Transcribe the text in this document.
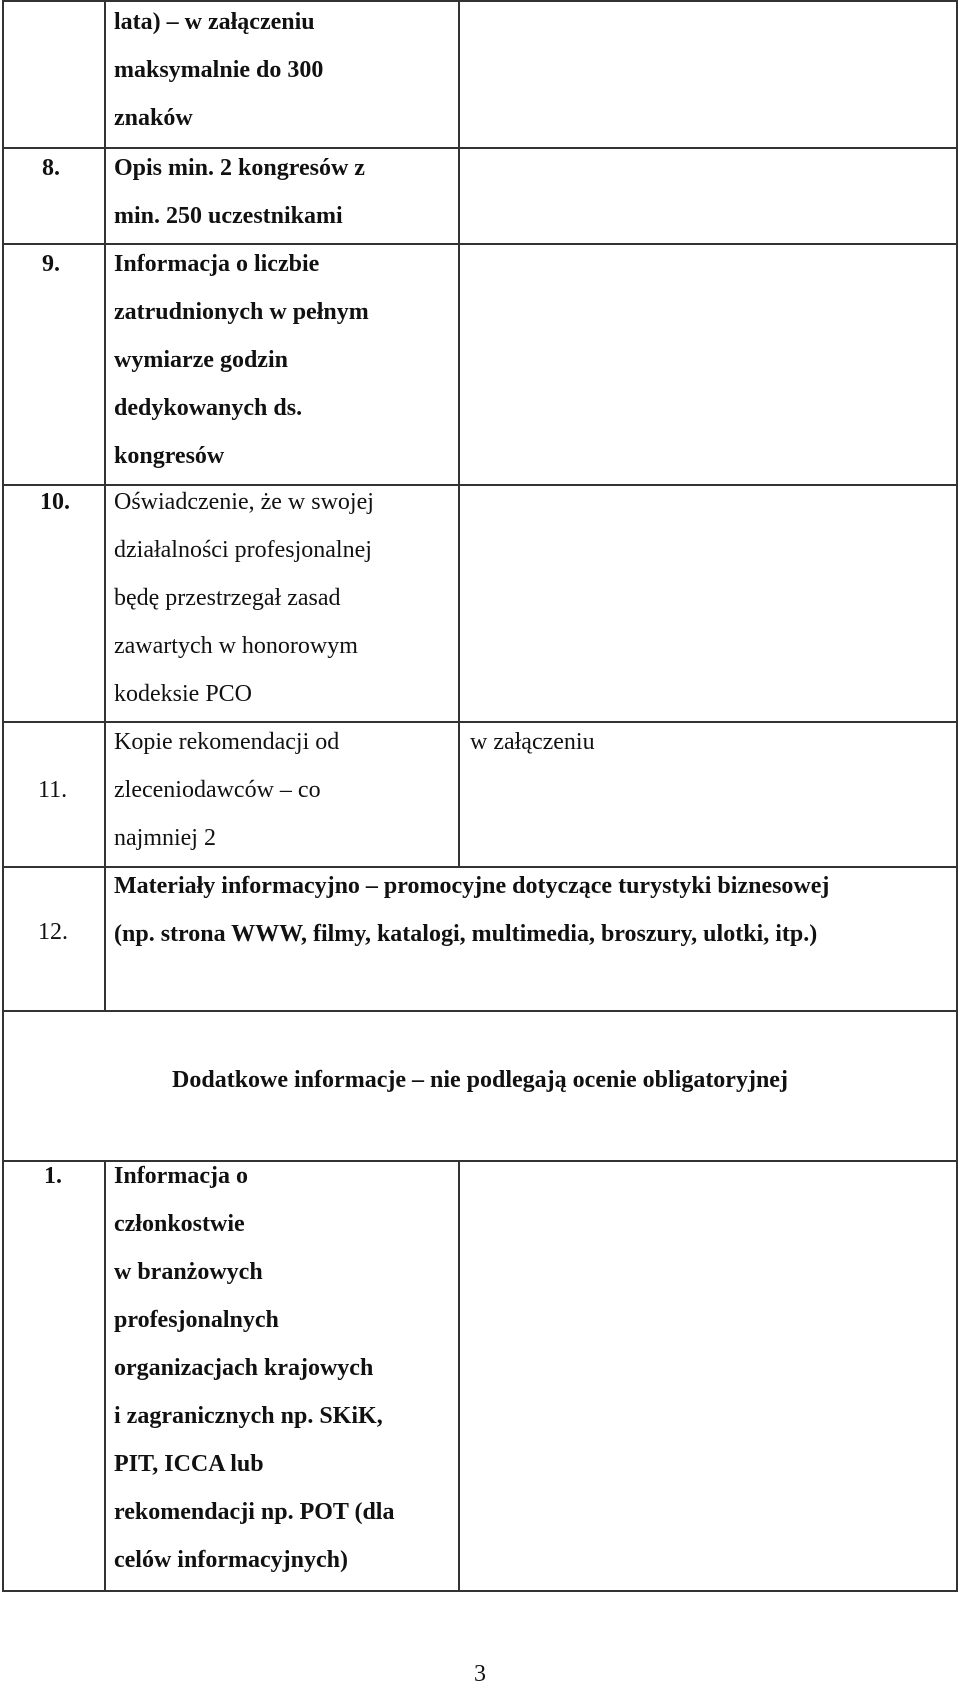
lata) – w załączeniu
maksymalnie do 300
znaków
8. Opis min. 2 kongresów z
min. 250 uczestnikami
9. Informacja o liczbie
zatrudnionych w pełnym
wymiarze godzin
dedykowanych ds.
kongresów
10. Oświadczenie, że w swojej
działalności profesjonalnej
będę przestrzegał zasad
zawartych w honorowym
kodeksie PCO
11.
Kopie rekomendacji od
zleceniodawców – co
najmniej 2
w załączeniu
12.
Materiały informacyjno – promocyjne dotyczące turystyki biznesowej
(np. strona WWW, filmy, katalogi, multimedia, broszury, ulotki, itp.)
Dodatkowe informacje – nie podlegają ocenie obligatoryjnej
1. Informacja o
członkostwie
w branżowych
profesjonalnych
organizacjach krajowych
i zagranicznych np. SKiK,
PIT, ICCA lub
rekomendacji np. POT (dla
celów informacyjnych)
3
